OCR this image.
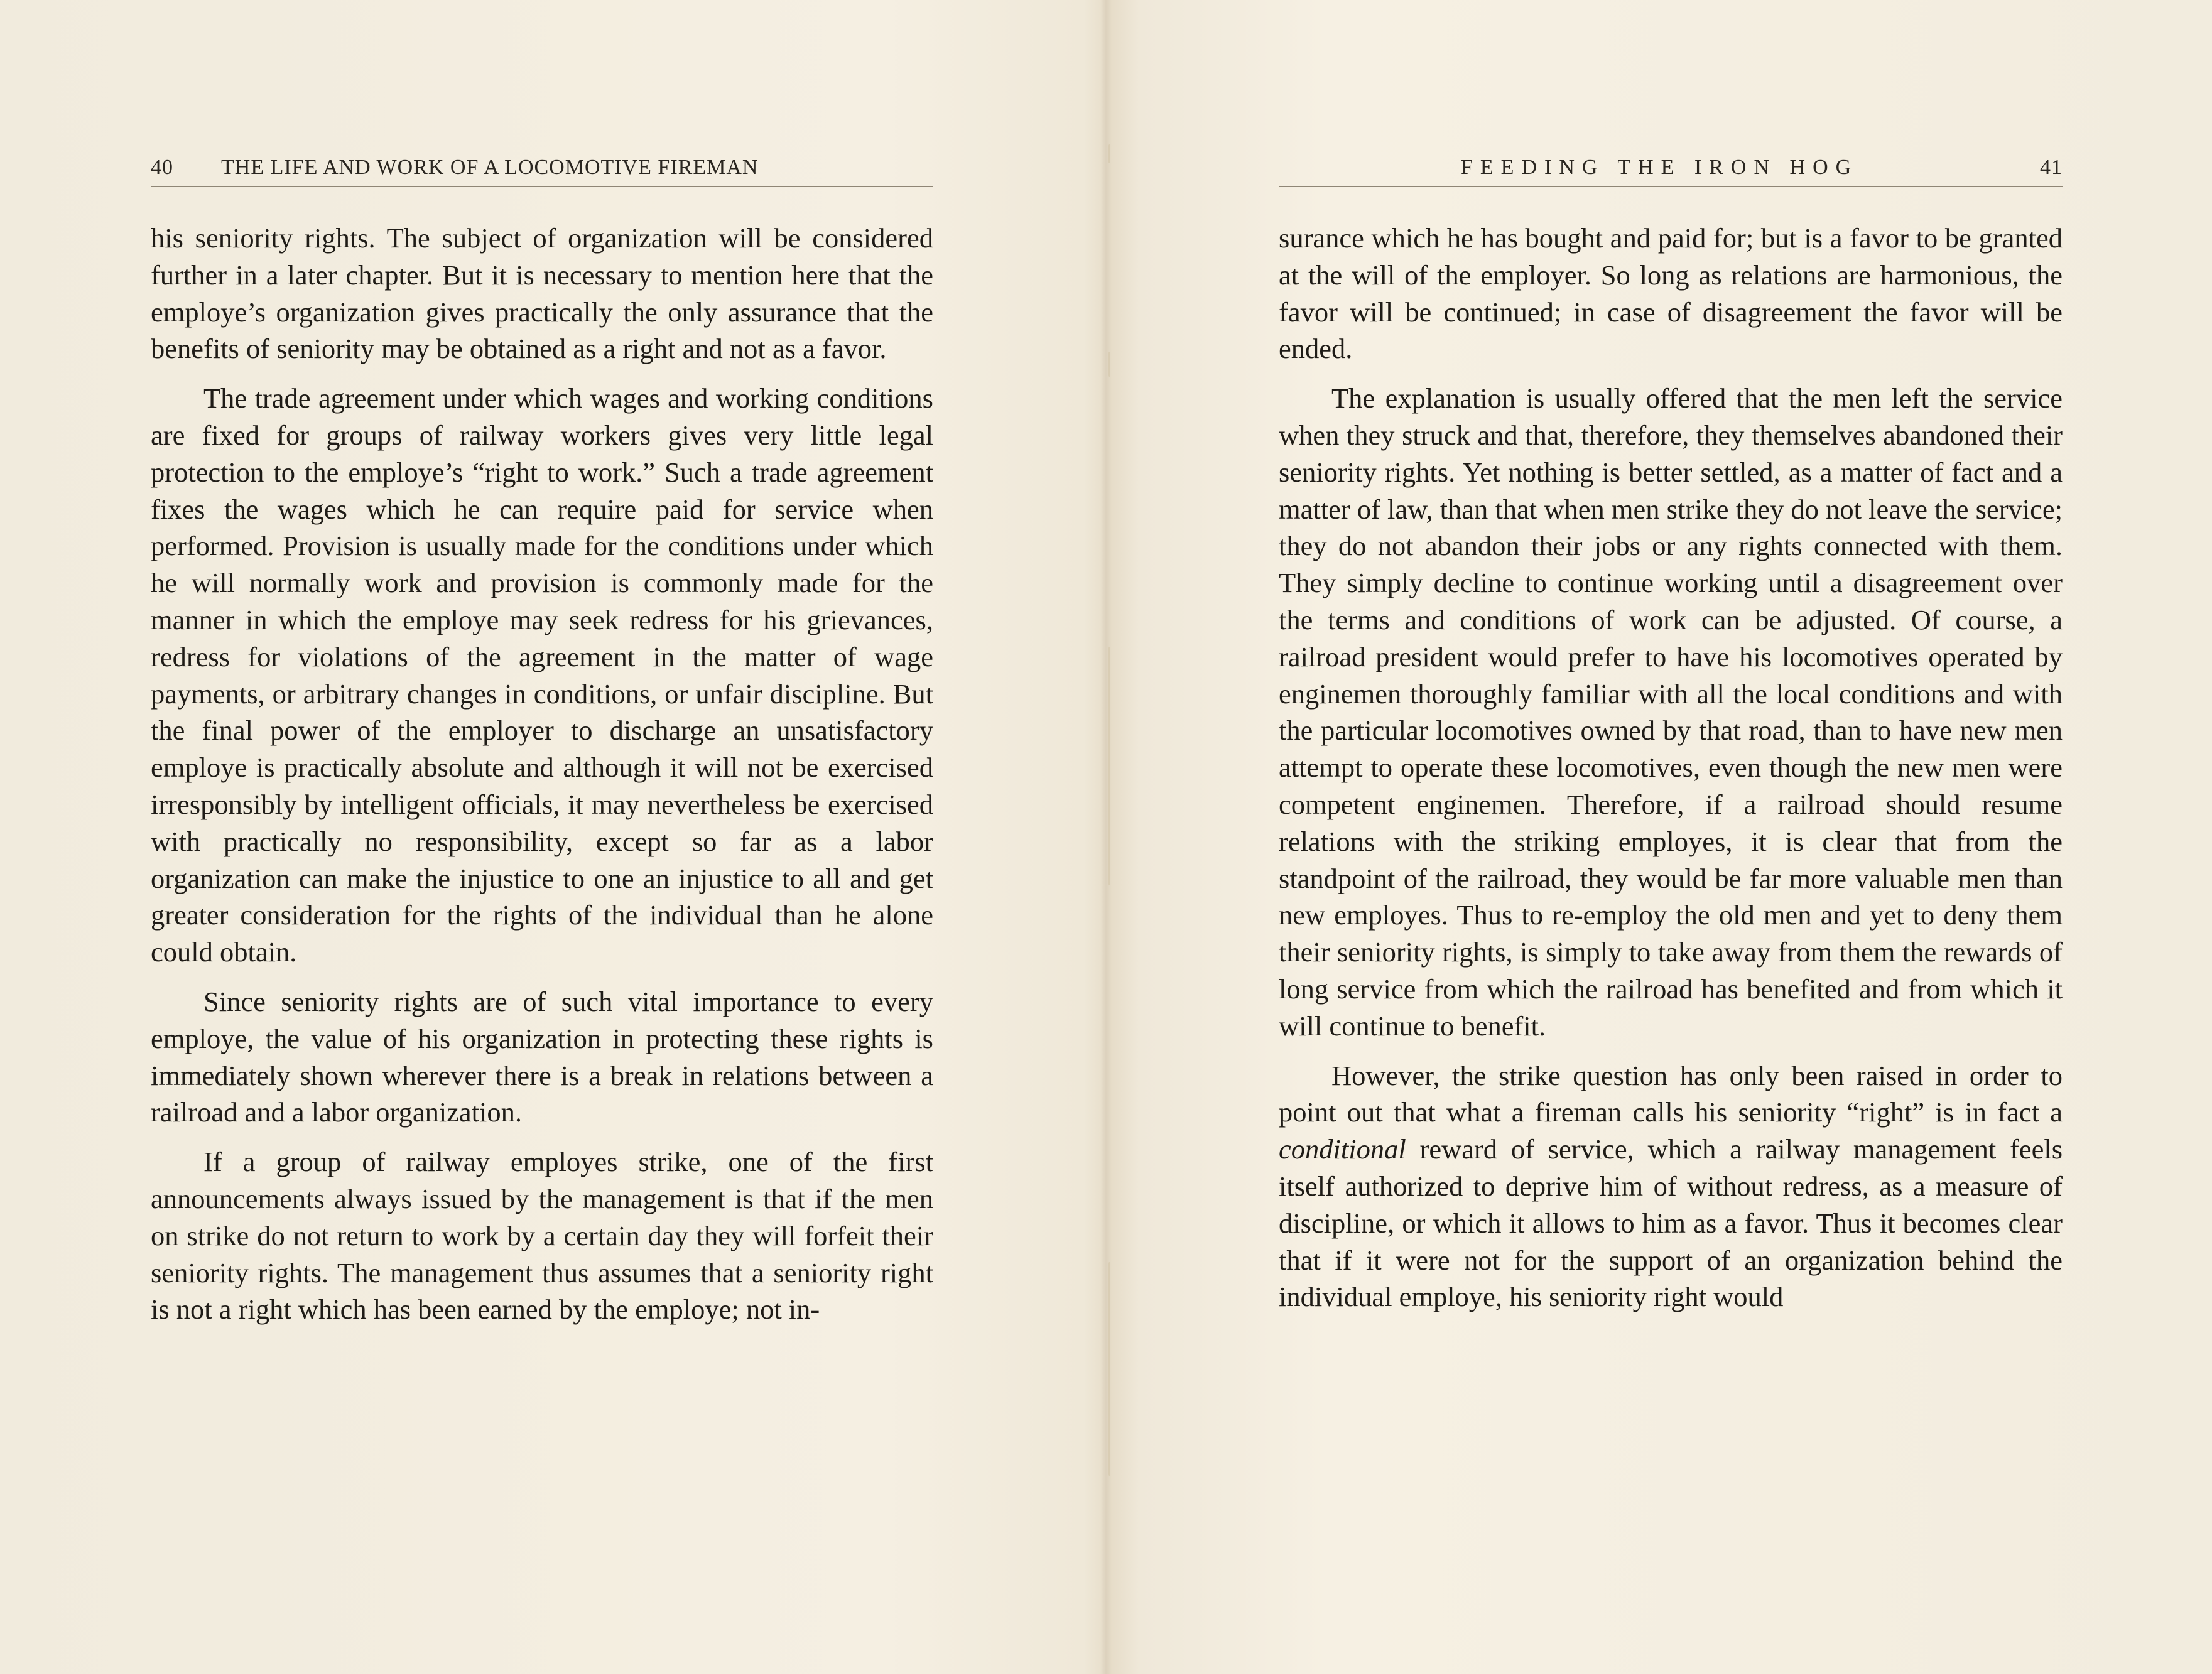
40 THE LIFE AND WORK OF A LOCOMOTIVE FIREMAN

his seniority rights. The subject of organization will be considered further in a later chapter. But it is necessary to mention here that the employe’s organization gives practically the only assurance that the benefits of seniority may be obtained as a right and not as a favor.

The trade agreement under which wages and working conditions are fixed for groups of railway workers gives very little legal protection to the employe’s “right to work.” Such a trade agreement fixes the wages which he can require paid for service when performed. Provision is usually made for the conditions under which he will normally work and provision is commonly made for the manner in which the employe may seek redress for his grievances, redress for violations of the agreement in the matter of wage payments, or arbitrary changes in conditions, or unfair discipline. But the final power of the employer to discharge an unsatisfactory employe is practically absolute and although it will not be exercised irresponsibly by intelligent officials, it may nevertheless be exercised with practically no responsibility, except so far as a labor organization can make the injustice to one an injustice to all and get greater consideration for the rights of the individual than he alone could obtain.

Since seniority rights are of such vital importance to every employe, the value of his organization in protecting these rights is immediately shown wherever there is a break in relations between a railroad and a labor organization.

If a group of railway employes strike, one of the first announcements always issued by the management is that if the men on strike do not return to work by a certain day they will forfeit their seniority rights. The management thus assumes that a seniority right is not a right which has been earned by the employe; not in-

FEEDING THE IRON HOG	41

surance which he has bought and paid for; but is a favor to be granted at the will of the employer. So long as relations are harmonious, the favor will be continued; in case of disagreement the favor will be ended.

The explanation is usually offered that the men left the service when they struck and that, therefore, they themselves abandoned their seniority rights. Yet nothing is better settled, as a matter of fact and a matter of law, than that when men strike they do not leave the service; they do not abandon their jobs or any rights connected with them. They simply decline to continue working until a disagreement over the terms and conditions of work can be adjusted. Of course, a railroad president would prefer to have his locomotives operated by enginemen thoroughly familiar with all the local conditions and with the particular locomotives owned by that road, than to have new men attempt to operate these locomotives, even though the new men were competent enginemen. Therefore, if a railroad should resume relations with the striking employes, it is clear that from the standpoint of the railroad, they would be far more valuable men than new employes. Thus to re-employ the old men and yet to deny them their seniority rights, is simply to take away from them the rewards of long service from which the railroad has benefited and from which it will continue to benefit.

However, the strike question has only been raised in order to point out that what a fireman calls his seniority “right” is in fact a conditional reward of service, which a railway management feels itself authorized to deprive him of without redress, as a measure of discipline, or which it allows to him as a favor. Thus it becomes clear that if it were not for the support of an organization behind the individual employe, his seniority right would
